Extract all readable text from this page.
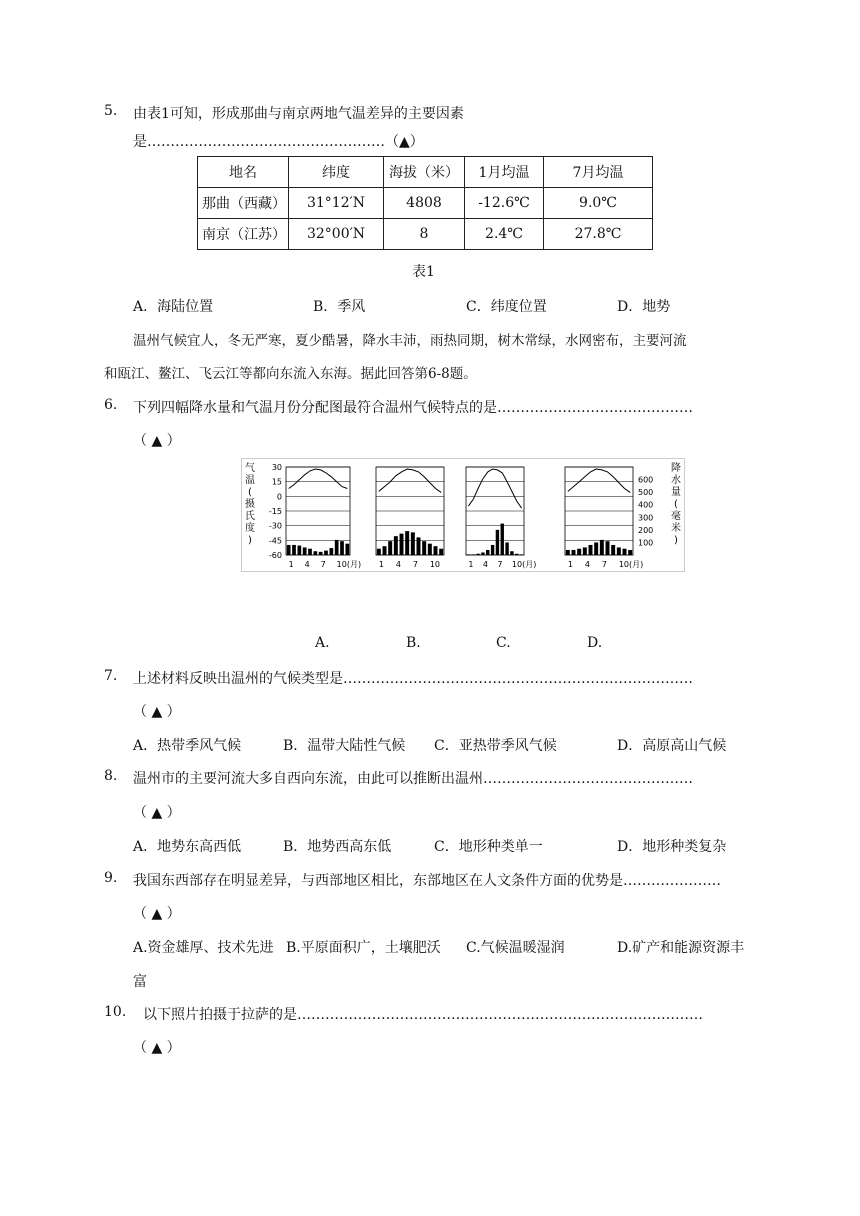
5. 由表1可知，形成那曲与南京两地气温差异的主要因素
是……………………………………………（▲）
地名	纬度	海拔（米）	1月均温	7月均温
那曲（西藏）	31°12′N	4808	-12.6℃	9.0℃
南京（江苏）	32°00′N	8	2.4℃	27.8℃
表1
A．海陆位置	B．季风	C．纬度位置	D．地势
温州气候宜人，冬无严寒，夏少酷暑，降水丰沛，雨热同期，树木常绿，水网密布，主要河流
和瓯江、鳌江、飞云江等都向东流入东海。据此回答第6-8题。
6. 下列四幅降水量和气温月份分配图最符合温州气候特点的是……………………………………
（ ▲ ）
气
温
(
摄
氏
度
)
降
水
量
(
毫
米
)
30
15
0
-15
-30
-45
-60
600
500
400
300
200
100
1 4 7 10(月) 1 4 7 10	1 4 7 10(月)	1 4 7 10(月)
A.	B.	C.	D.
7. 上述材料反映出温州的气候类型是…………………………………………………………………
（ ▲ ）
A．热带季风气候	B．温带大陆性气候 C．亚热带季风气候	D．高原高山气候
8. 温州市的主要河流大多自西向东流，由此可以推断出温州………………………………………
（ ▲ ）
A．地势东高西低	B．地势西高东低	C．地形种类单一	D．地形种类复杂
9. 我国东西部存在明显差异，与西部地区相比，东部地区在人文条件方面的优势是…………………
（ ▲ ）
A.资金雄厚、技术先进 B.平原面积广，土壤肥沃 C.气候温暖湿润	D.矿产和能源资源丰
富
10. 以下照片拍摄于拉萨的是……………………………………………………………………………
（ ▲ ）
